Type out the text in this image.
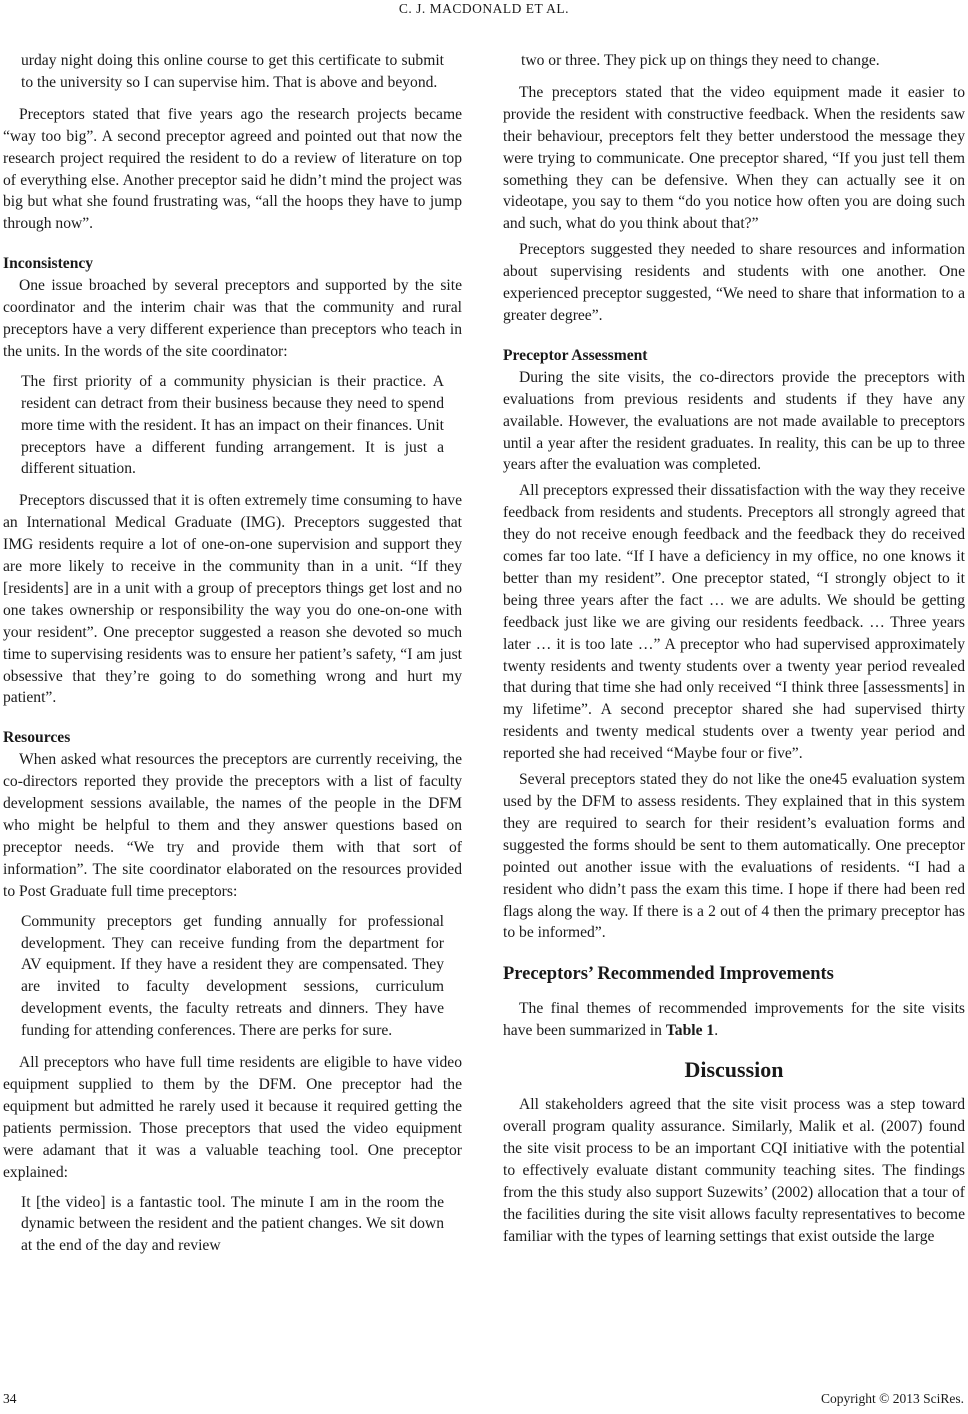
C. J. MACDONALD ET AL.

urday night doing this online course to get this certificate to submit to the university so I can supervise him. That is above and beyond.

Preceptors stated that five years ago the research projects became “way too big”. A second preceptor agreed and pointed out that now the research project required the resident to do a review of literature on top of everything else. Another preceptor said he didn’t mind the project was big but what she found frustrating was, “all the hoops they have to jump through now”.

Inconsistency

One issue broached by several preceptors and supported by the site coordinator and the interim chair was that the community and rural preceptors have a very different experience than preceptors who teach in the units. In the words of the site coordinator:

The first priority of a community physician is their practice. A resident can detract from their business because they need to spend more time with the resident. It has an impact on their finances. Unit preceptors have a different funding arrangement. It is just a different situation.

Preceptors discussed that it is often extremely time consuming to have an International Medical Graduate (IMG). Preceptors suggested that IMG residents require a lot of one-on-one supervision and support they are more likely to receive in the community than in a unit. “If they [residents] are in a unit with a group of preceptors things get lost and no one takes ownership or responsibility the way you do one-on-one with your resident”. One preceptor suggested a reason she devoted so much time to supervising residents was to ensure her patient’s safety, “I am just obsessive that they’re going to do something wrong and hurt my patient”.

Resources

When asked what resources the preceptors are currently receiving, the co-directors reported they provide the preceptors with a list of faculty development sessions available, the names of the people in the DFM who might be helpful to them and they answer questions based on preceptor needs. “We try and provide them with that sort of information”. The site coordinator elaborated on the resources provided to Post Graduate full time preceptors:

Community preceptors get funding annually for professional development. They can receive funding from the department for AV equipment. If they have a resident they are compensated. They are invited to faculty development sessions, curriculum development events, the faculty retreats and dinners. They have funding for attending conferences. There are perks for sure.

All preceptors who have full time residents are eligible to have video equipment supplied to them by the DFM. One preceptor had the equipment but admitted he rarely used it because it required getting the patients permission. Those preceptors that used the video equipment were adamant that it was a valuable teaching tool. One preceptor explained:

It [the video] is a fantastic tool. The minute I am in the room the dynamic between the resident and the patient changes. We sit down at the end of the day and review

two or three. They pick up on things they need to change.

The preceptors stated that the video equipment made it easier to provide the resident with constructive feedback. When the residents saw their behaviour, preceptors felt they better understood the message they were trying to communicate. One preceptor shared, “If you just tell them something they can be defensive. When they can actually see it on videotape, you say to them “do you notice how often you are doing such and such, what do you think about that?”

Preceptors suggested they needed to share resources and information about supervising residents and students with one another. One experienced preceptor suggested, “We need to share that information to a greater degree”.

Preceptor Assessment

During the site visits, the co-directors provide the preceptors with evaluations from previous residents and students if they have any available. However, the evaluations are not made available to preceptors until a year after the resident graduates. In reality, this can be up to three years after the evaluation was completed.

All preceptors expressed their dissatisfaction with the way they receive feedback from residents and students. Preceptors all strongly agreed that they do not receive enough feedback and the feedback they do received comes far too late. “If I have a deficiency in my office, no one knows it better than my resident”. One preceptor stated, “I strongly object to it being three years after the fact … we are adults. We should be getting feedback just like we are giving our residents feedback. … Three years later … it is too late …” A preceptor who had supervised approximately twenty residents and twenty students over a twenty year period revealed that during that time she had only received “I think three [assessments] in my lifetime”. A second preceptor shared she had supervised thirty residents and twenty medical students over a twenty year period and reported she had received “Maybe four or five”.

Several preceptors stated they do not like the one45 evaluation system used by the DFM to assess residents. They explained that in this system they are required to search for their resident’s evaluation forms and suggested the forms should be sent to them automatically. One preceptor pointed out another issue with the evaluations of residents. “I had a resident who didn’t pass the exam this time. I hope if there had been red flags along the way. If there is a 2 out of 4 then the primary preceptor has to be informed”.

Preceptors’ Recommended Improvements

The final themes of recommended improvements for the site visits have been summarized in Table 1.

Discussion

All stakeholders agreed that the site visit process was a step toward overall program quality assurance. Similarly, Malik et al. (2007) found the site visit process to be an important CQI initiative with the potential to effectively evaluate distant community teaching sites. The findings from the this study also support Suzewits’ (2002) allocation that a tour of the facilities during the site visit allows faculty representatives to become familiar with the types of learning settings that exist outside the large

34	Copyright © 2013 SciRes.
